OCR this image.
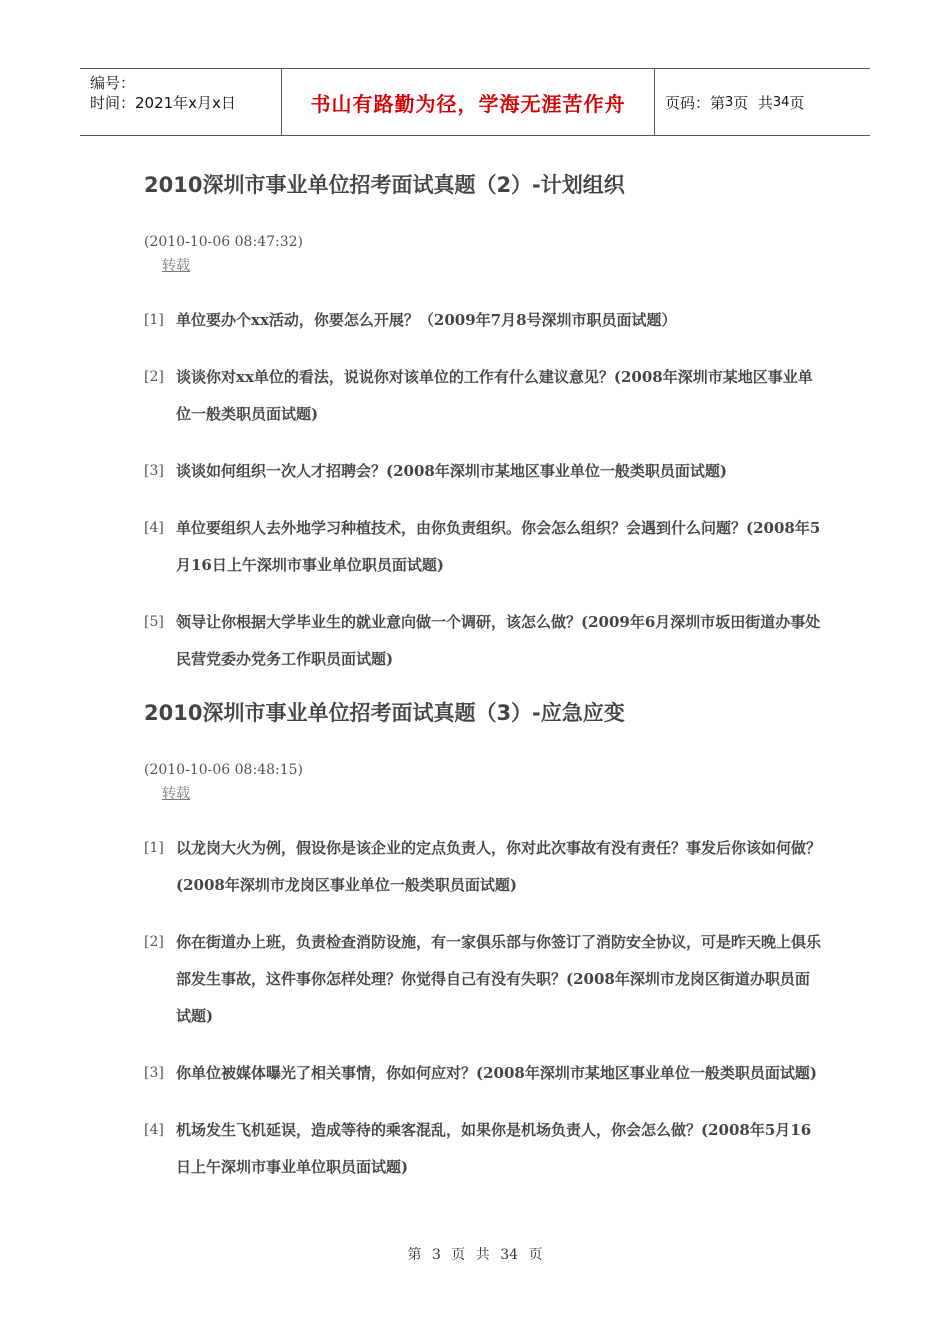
编号：
时间：2021年x月x日	书山有路勤为径，学海无涯苦作舟	页码：第 3 页  共 34 页
2010深圳市事业单位招考面试真题（2）-计划组织
(2010-10-06 08:47:32)
转载
[1] 单位要办个xx活动，你要怎么开展？（2009年7月8号深圳市职员面试题）
[2] 谈谈你对xx单位的看法，说说你对该单位的工作有什么建议意见？(2008年深圳市某地区事业单位一般类职员面试题)
[3] 谈谈如何组织一次人才招聘会？(2008年深圳市某地区事业单位一般类职员面试题)
[4] 单位要组织人去外地学习种植技术，由你负责组织。你会怎么组织？会遇到什么问题？(2008年5月16日上午深圳市事业单位职员面试题)
[5] 领导让你根据大学毕业生的就业意向做一个调研，该怎么做？(2009年6月深圳市坂田街道办事处民营党委办党务工作职员面试题)
2010深圳市事业单位招考面试真题（3）-应急应变
(2010-10-06 08:48:15)
转载
[1] 以龙岗大火为例，假设你是该企业的定点负责人，你对此次事故有没有责任？事发后你该如何做？(2008年深圳市龙岗区事业单位一般类职员面试题)
[2] 你在街道办上班，负责检查消防设施，有一家俱乐部与你签订了消防安全协议，可是昨天晚上俱乐部发生事故，这件事你怎样处理？你觉得自己有没有失职？(2008年深圳市龙岗区街道办职员面试题)
[3] 你单位被媒体曝光了相关事情，你如何应对？(2008年深圳市某地区事业单位一般类职员面试题)
[4] 机场发生飞机延误，造成等待的乘客混乱，如果你是机场负责人，你会怎么做？(2008年5月16日上午深圳市事业单位职员面试题)
第 3 页 共 34 页
